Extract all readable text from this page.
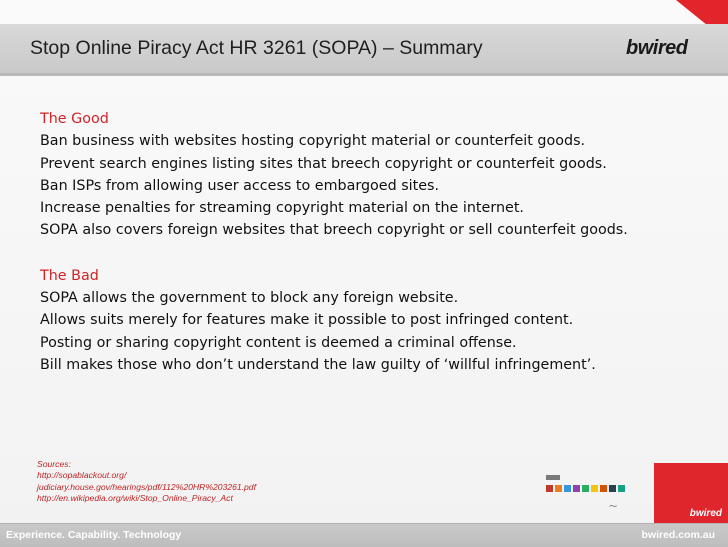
Stop Online Piracy Act HR 3261 (SOPA) – Summary	bwired
The Good
Ban business with websites hosting copyright material or counterfeit goods.
Prevent search engines listing sites that breech copyright or counterfeit goods.
Ban ISPs from allowing user access to embargoed sites.
Increase penalties for streaming copyright material on the internet.
SOPA also covers foreign websites that breech copyright or sell counterfeit goods.
The Bad
SOPA allows the government to block any foreign website.
Allows suits merely for features make it possible to post infringed content.
Posting or sharing copyright content is deemed a criminal offense.
Bill makes those who don’t understand the law guilty of ‘willful infringement’.
Sources:
http://sopablackout.org/
judiciary.house.gov/hearings/pdf/112%20HR%203261.pdf
http://en.wikipedia.org/wiki/Stop_Online_Piracy_Act
~
bwired
Experience. Capability. Technology	bwired.com.au
